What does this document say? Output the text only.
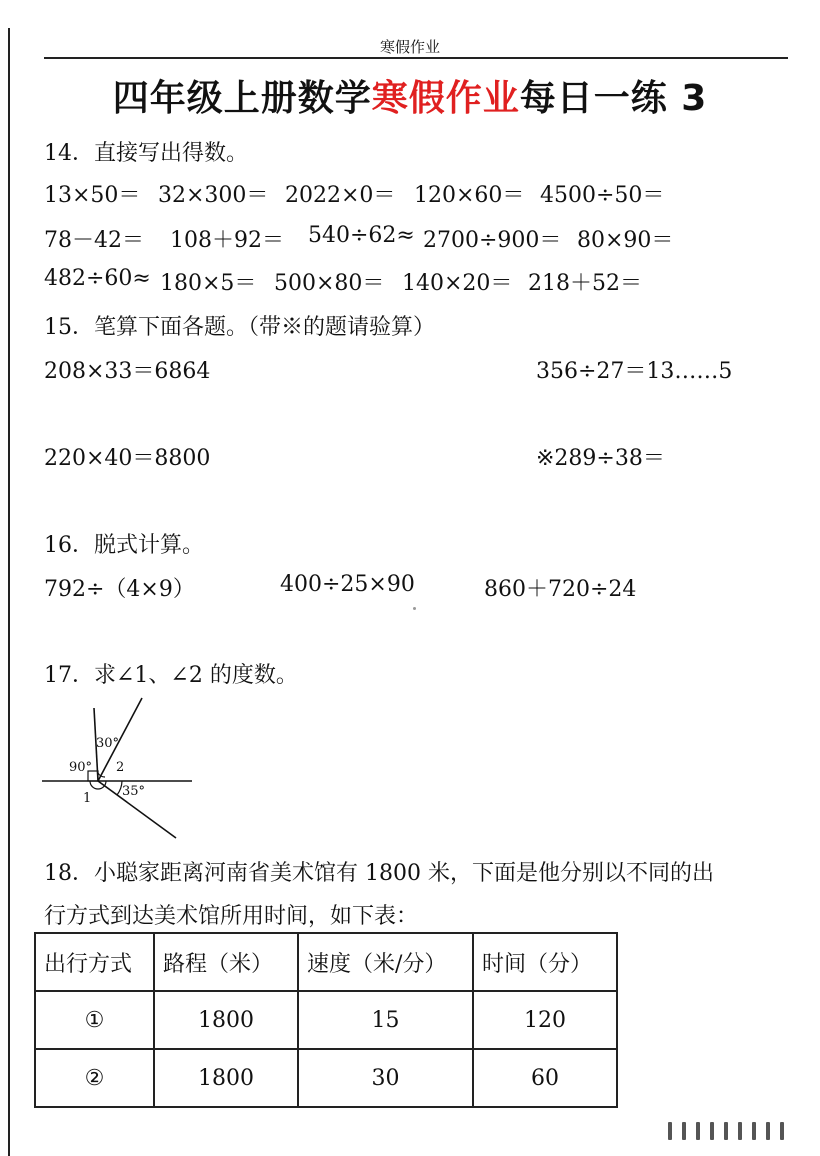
寒假作业
四年级上册数学寒假作业每日一练 3
14．直接写出得数。
13×50＝ 32×300＝ 2022×0＝ 120×60＝ 4500÷50＝
78－42＝ 108＋92＝ 540÷62≈ 2700÷900＝ 80×90＝
482÷60≈ 180×5＝ 500×80＝ 140×20＝ 218＋52＝
15．笔算下面各题。（带※的题请验算）
208×33＝6864	356÷27＝13……5
220×40＝8800	※289÷38＝
16．脱式计算。
792÷（4×9）	400÷25×90	860＋720÷24
17．求∠1、∠2 的度数。
30°
90° 2
1 35°
18．小聪家距离河南省美术馆有 1800 米，下面是他分别以不同的出
行方式到达美术馆所用时间，如下表：
出行方式	路程（米）	速度（米/分）	时间（分）
①	1800	15	120
②	1800	30	60
